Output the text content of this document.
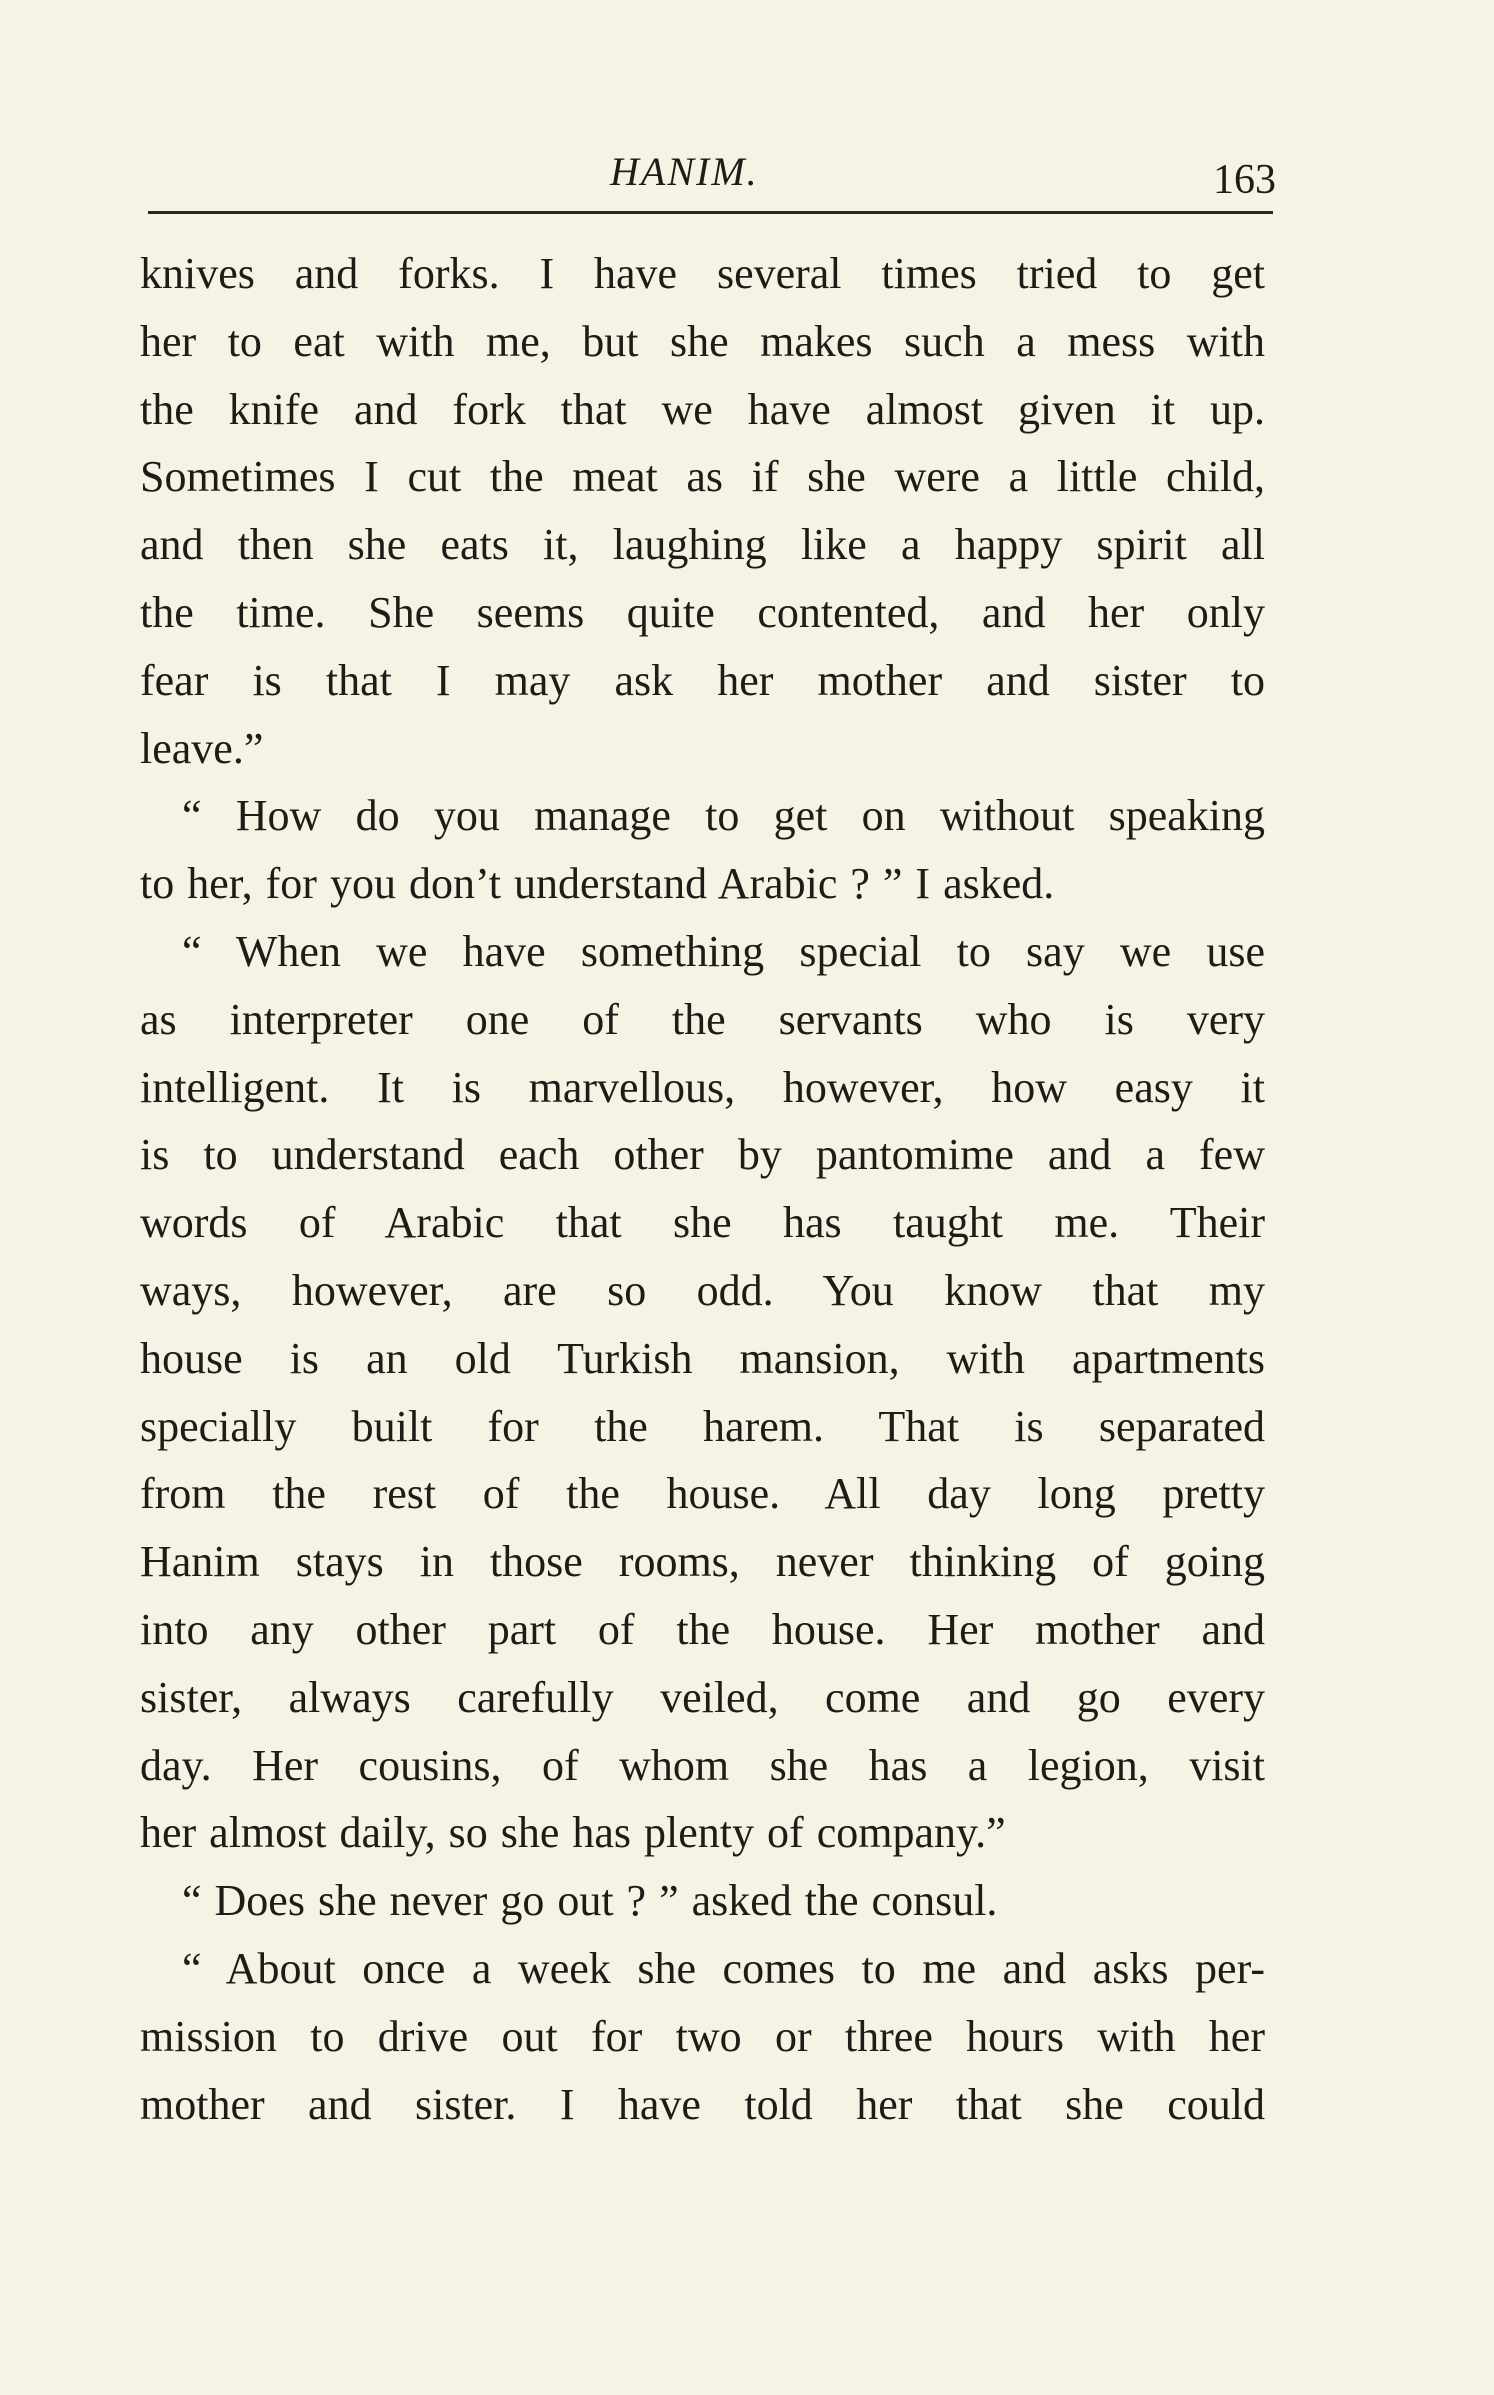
HANIM.	163
knives and forks. I have several times tried to get
her to eat with me, but she makes such a mess with
the knife and fork that we have almost given it up.
Sometimes I cut the meat as if she were a little child,
and then she eats it, laughing like a happy spirit all
the time. She seems quite contented, and her only
fear is that I may ask her mother and sister to
leave.”
“ How do you manage to get on without speaking
to her, for you don’t understand Arabic ? ” I asked.
“ When we have something special to say we use
as interpreter one of the servants who is very
intelligent. It is marvellous, however, how easy it
is to understand each other by pantomime and a few
words of Arabic that she has taught me. Their
ways, however, are so odd. You know that my
house is an old Turkish mansion, with apartments
specially built for the harem. That is separated
from the rest of the house. All day long pretty
Hanim stays in those rooms, never thinking of going
into any other part of the house. Her mother and
sister, always carefully veiled, come and go every
day. Her cousins, of whom she has a legion, visit
her almost daily, so she has plenty of company.”
“ Does she never go out ? ” asked the consul.
“ About once a week she comes to me and asks per-
mission to drive out for two or three hours with her
mother and sister. I have told her that she could
